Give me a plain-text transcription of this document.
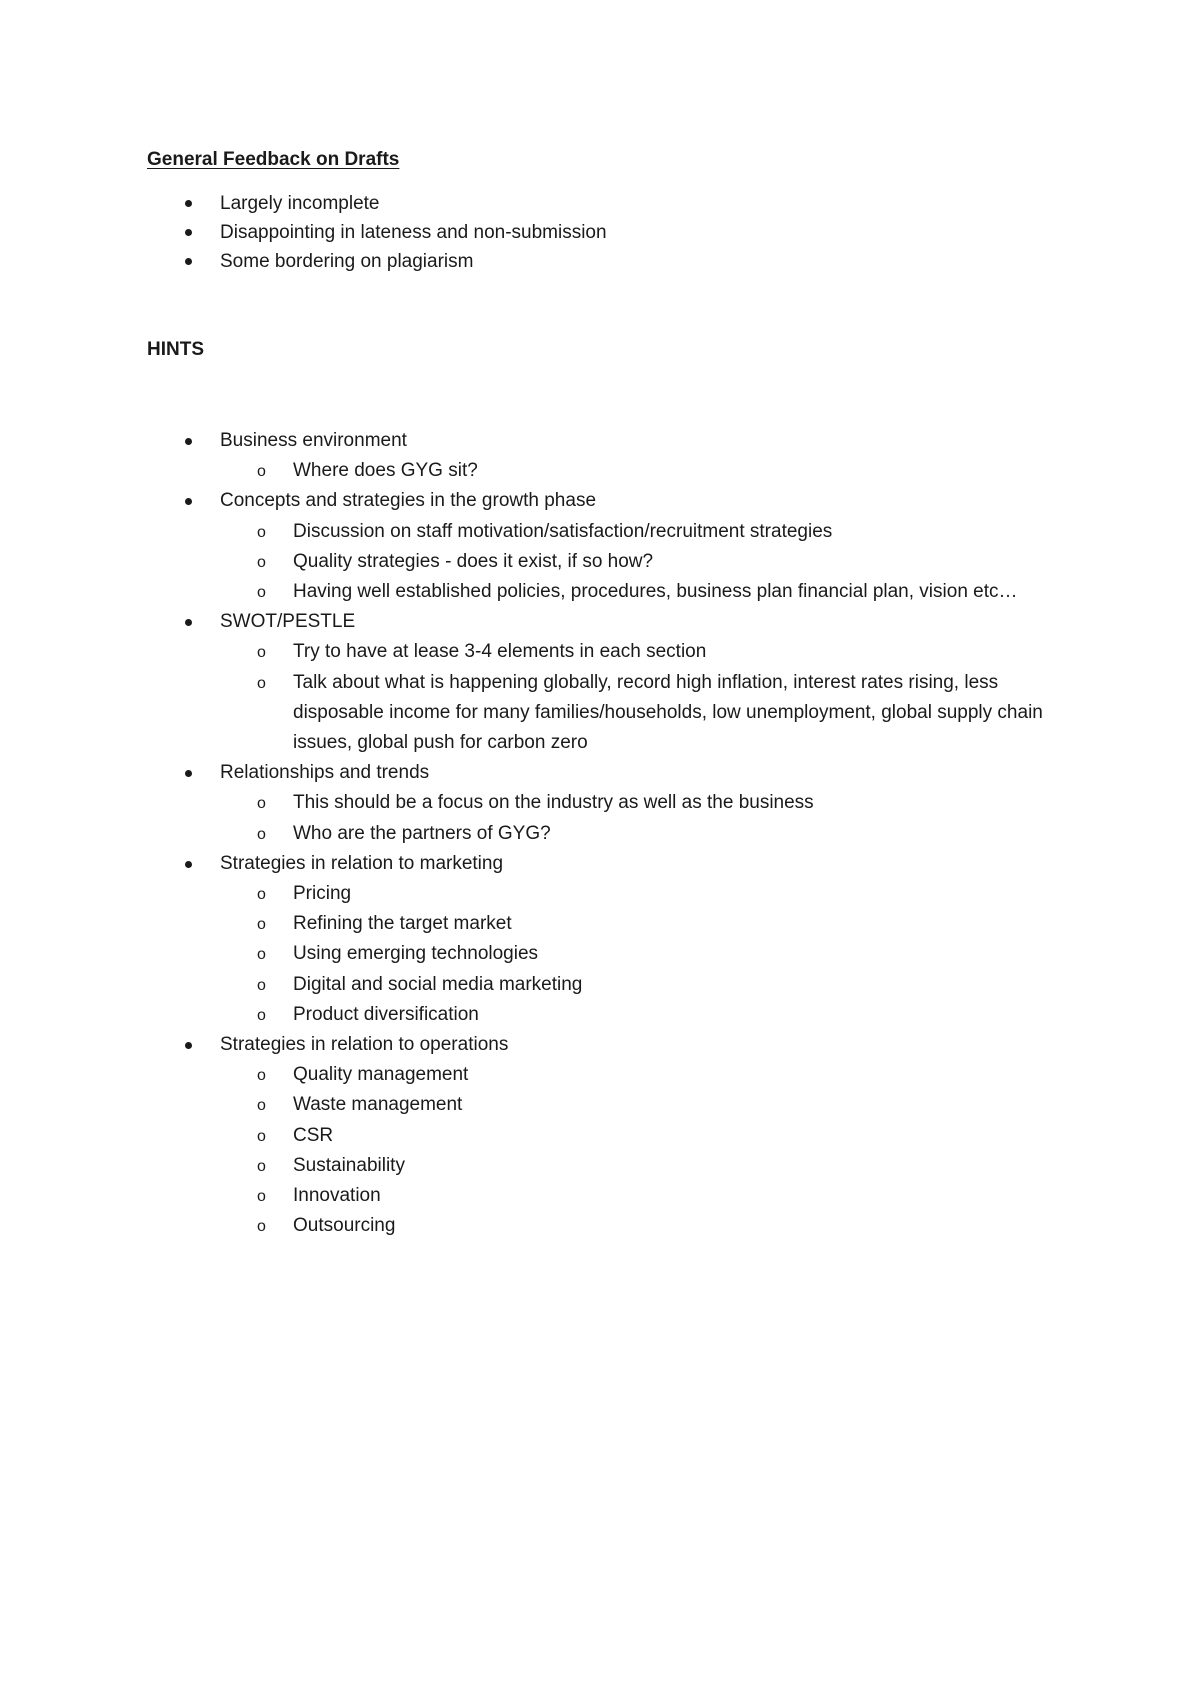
General Feedback on Drafts
Largely incomplete
Disappointing in lateness and non-submission
Some bordering on plagiarism
HINTS
Business environment
o Where does GYG sit?
Concepts and strategies in the growth phase
o Discussion on staff motivation/satisfaction/recruitment strategies
o Quality strategies - does it exist, if so how?
o Having well established policies, procedures, business plan financial plan, vision etc…
SWOT/PESTLE
o Try to have at lease 3-4 elements in each section
o Talk about what is happening globally, record high inflation, interest rates rising, less disposable income for many families/households, low unemployment, global supply chain issues, global push for carbon zero
Relationships and trends
o This should be a focus on the industry as well as the business
o Who are the partners of GYG?
Strategies in relation to marketing
o Pricing
o Refining the target market
o Using emerging technologies
o Digital and social media marketing
o Product diversification
Strategies in relation to operations
o Quality management
o Waste management
o CSR
o Sustainability
o Innovation
o Outsourcing
